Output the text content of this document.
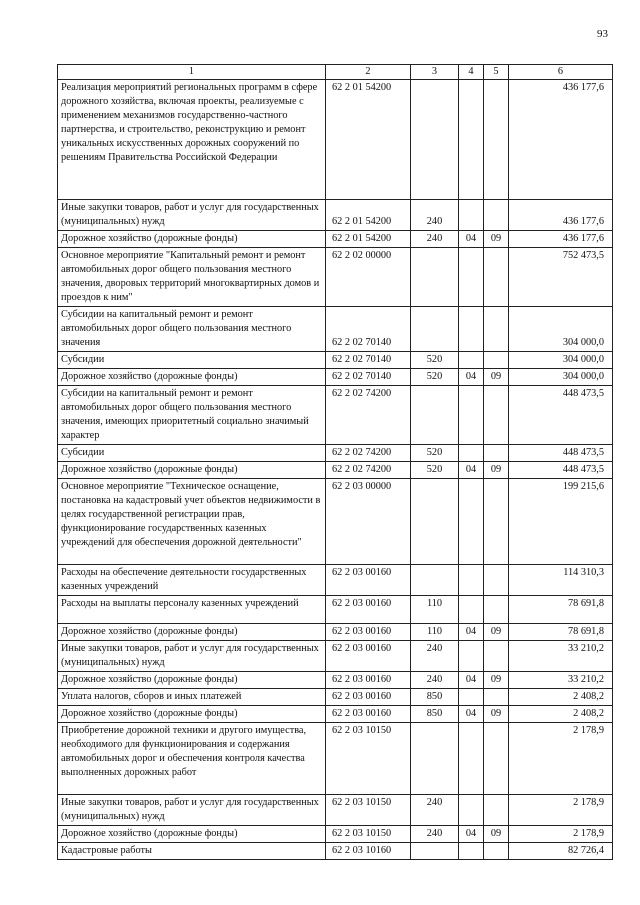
93
1	2	3	4	5	6
Реализация мероприятий региональных программ в сфере дорожного хозяйства, включая проекты, реализуемые с применением механизмов государственно-частного партнерства, и строительство, реконструкцию и ремонт уникальных искусственных дорожных сооружений по решениям Правительства Российской Федерации	62 2 01 54200				436 177,6
Иные закупки товаров, работ и услуг для государственных (муниципальных) нужд	62 2 01 54200	240			436 177,6
Дорожное хозяйство (дорожные фонды)	62 2 01 54200	240	04	09	436 177,6
Основное мероприятие "Капитальный ремонт и ремонт автомобильных дорог общего пользования местного значения, дворовых территорий многоквартирных домов и проездов к ним"	62 2 02 00000				752 473,5
Субсидии на капитальный ремонт и ремонт автомобильных дорог общего пользования местного значения	62 2 02 70140				304 000,0
Субсидии	62 2 02 70140	520			304 000,0
Дорожное хозяйство (дорожные фонды)	62 2 02 70140	520	04	09	304 000,0
Субсидии на капитальный ремонт и ремонт автомобильных дорог общего пользования местного значения, имеющих приоритетный социально значимый характер	62 2 02 74200				448 473,5
Субсидии	62 2 02 74200	520			448 473,5
Дорожное хозяйство (дорожные фонды)	62 2 02 74200	520	04	09	448 473,5
Основное мероприятие "Техническое оснащение, постановка на кадастровый учет объектов недвижимости в целях государственной регистрации прав, функционирование государственных казенных учреждений для обеспечения дорожной деятельности"	62 2 03 00000				199 215,6
Расходы на обеспечение деятельности государственных казенных учреждений	62 2 03 00160				114 310,3
Расходы на выплаты персоналу казенных учреждений	62 2 03 00160	110			78 691,8
Дорожное хозяйство (дорожные фонды)	62 2 03 00160	110	04	09	78 691,8
Иные закупки товаров, работ и услуг для государственных (муниципальных) нужд	62 2 03 00160	240			33 210,2
Дорожное хозяйство (дорожные фонды)	62 2 03 00160	240	04	09	33 210,2
Уплата налогов, сборов и иных платежей	62 2 03 00160	850			2 408,2
Дорожное хозяйство (дорожные фонды)	62 2 03 00160	850	04	09	2 408,2
Приобретение дорожной техники и другого имущества, необходимого для функционирования и содержания автомобильных дорог и обеспечения контроля качества выполненных дорожных работ	62 2 03 10150				2 178,9
Иные закупки товаров, работ и услуг для государственных (муниципальных) нужд	62 2 03 10150	240			2 178,9
Дорожное хозяйство (дорожные фонды)	62 2 03 10150	240	04	09	2 178,9
Кадастровые работы	62 2 03 10160				82 726,4
